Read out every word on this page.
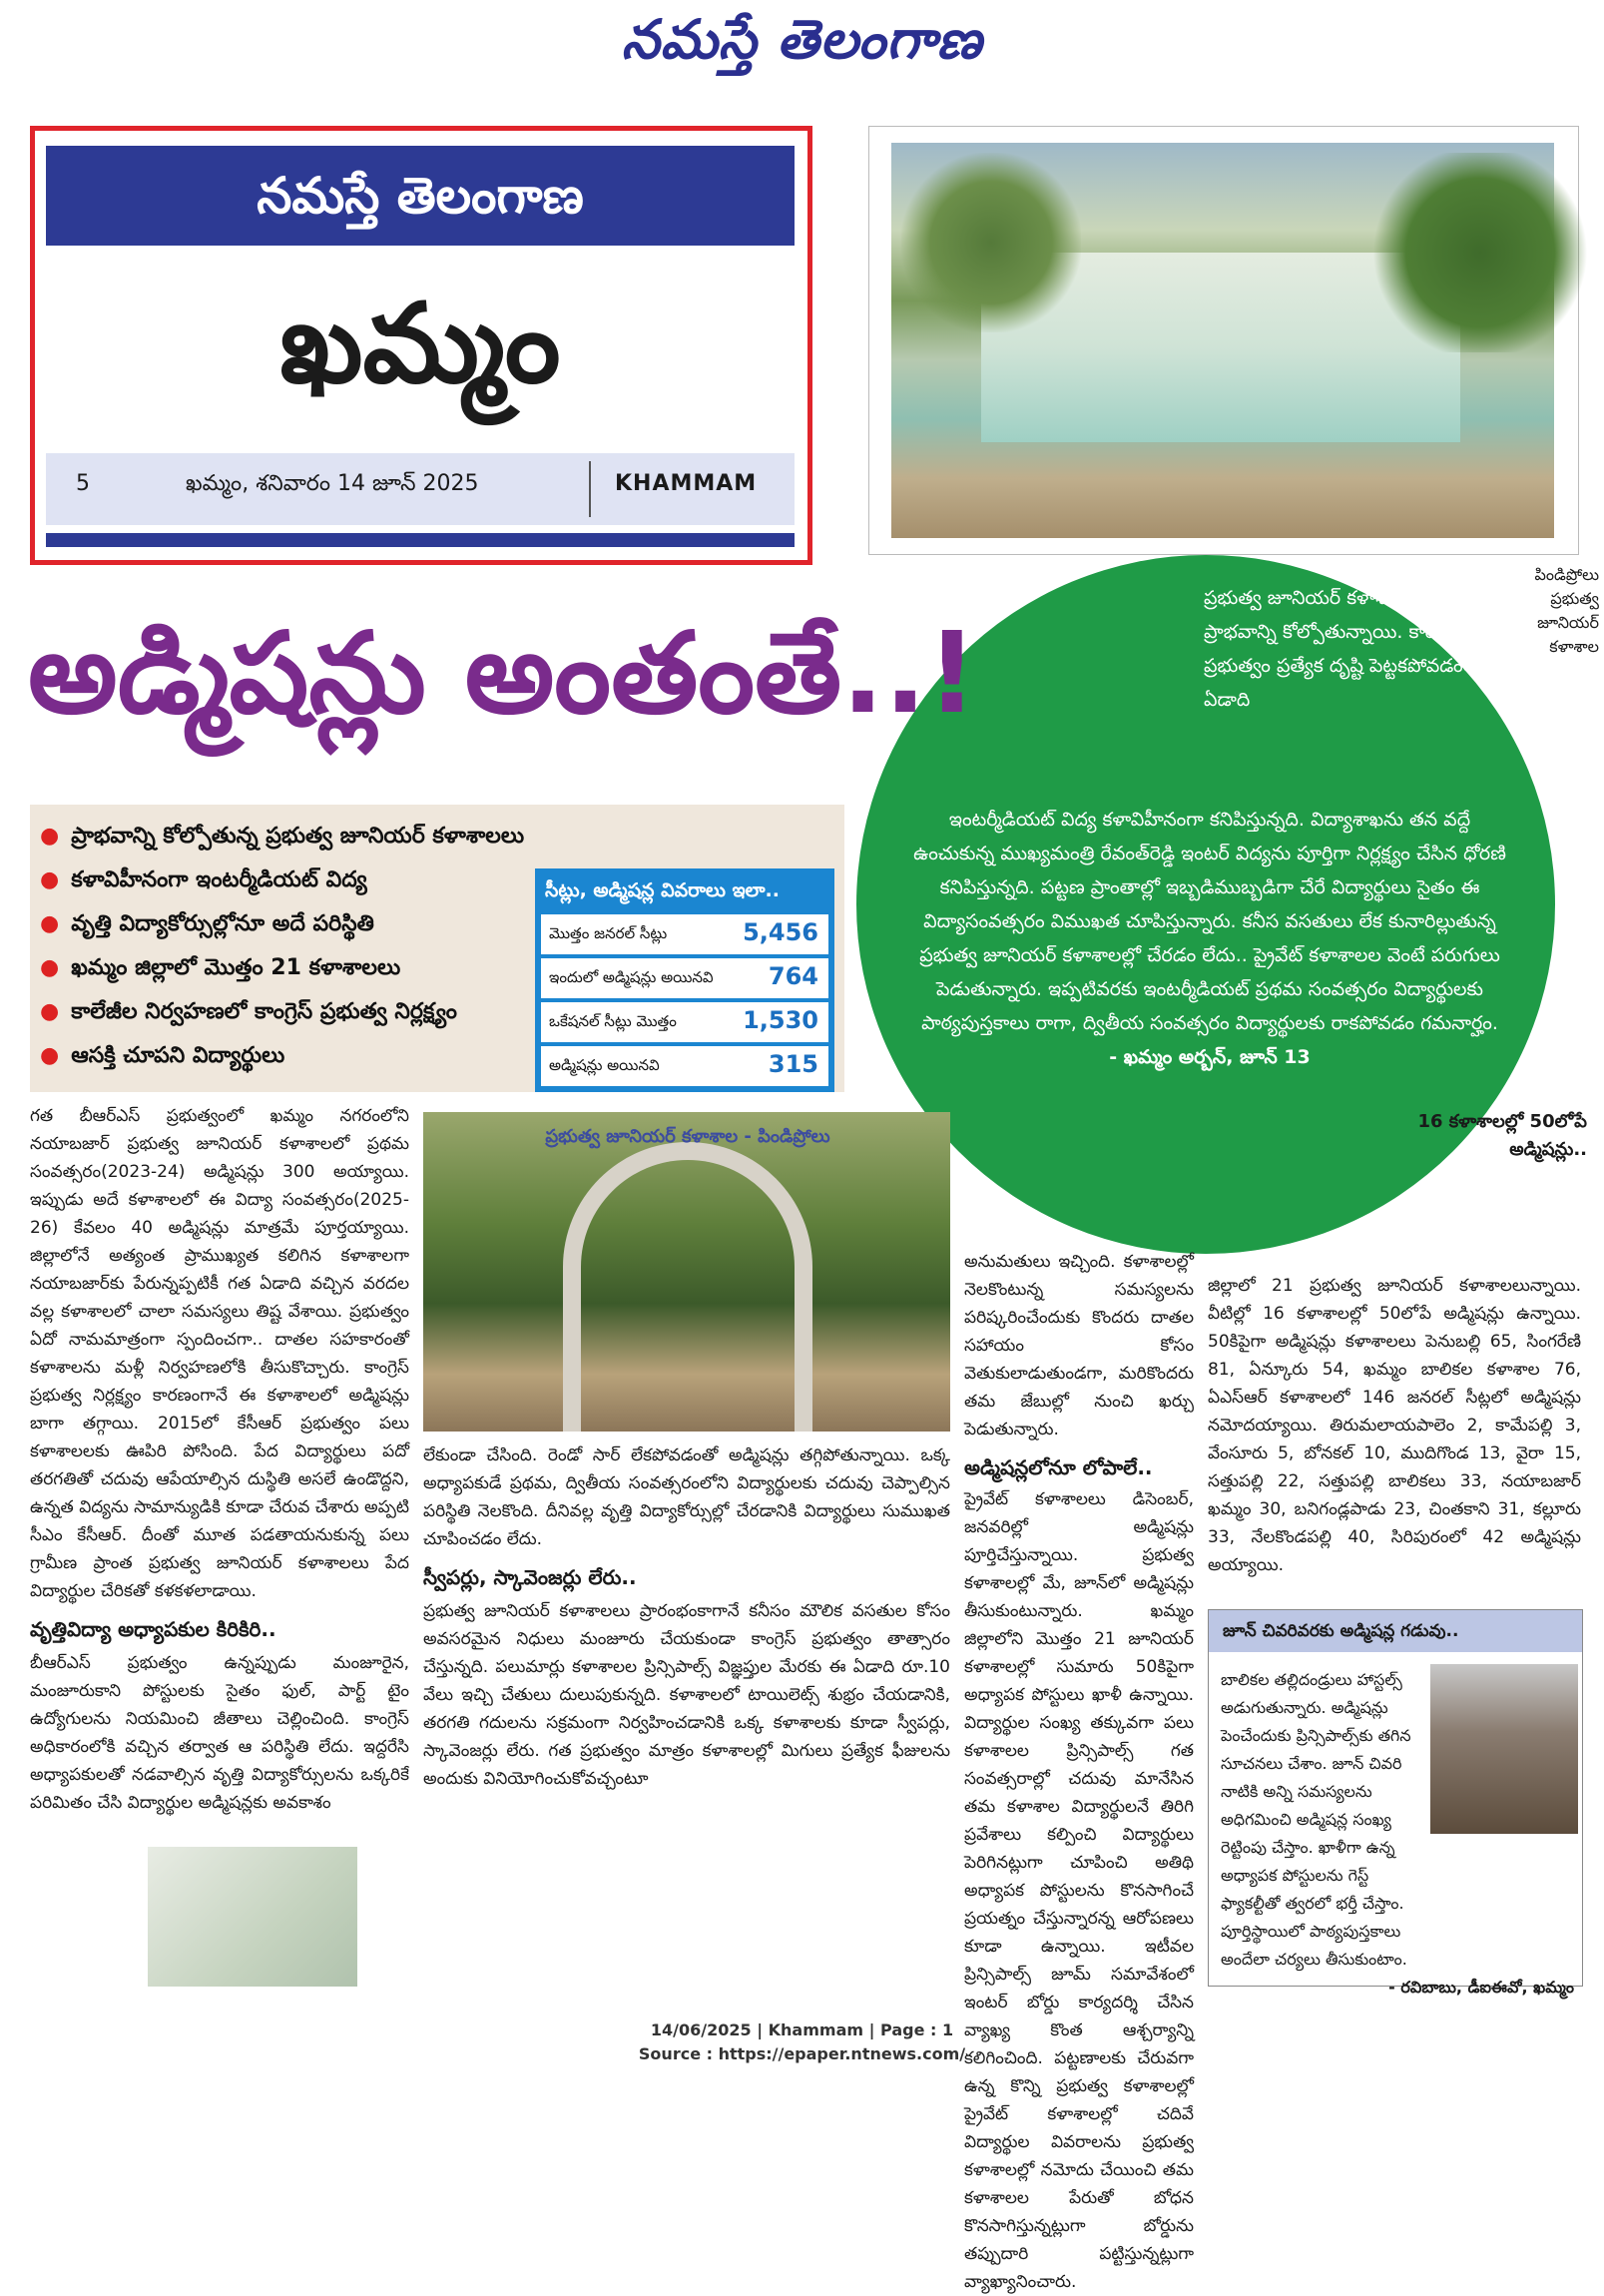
నమస్తే తెలంగాణ
నమస్తే తెలంగాణ
ఖమ్మం
5	ఖమ్మం, శనివారం 14 జూన్ 2025	KHAMMAM
పిండిప్రోలు ప్రభుత్వ జూనియర్ కళాశాల
అడ్మిషన్లు అంతంతే..!
ప్రభుత్వ జూనియర్ కళాశాలలు నానాటికీ ప్రాభవాన్ని కోల్పోతున్నాయి. కాంగ్రెస్ ప్రభుత్వం ప్రత్యేక దృష్టి పెట్టకపోవడంతో ఈ ఏడాది
ఇంటర్మీడియట్ విద్య కళావిహీనంగా కనిపిస్తున్నది. విద్యాశాఖను తన వద్దే ఉంచుకున్న ముఖ్యమంత్రి రేవంత్‌రెడ్డి ఇంటర్ విద్యను పూర్తిగా నిర్లక్ష్యం చేసిన ధోరణి కనిపిస్తున్నది. పట్టణ ప్రాంతాల్లో ఇబ్బడిముబ్బడిగా చేరే విద్యార్థులు సైతం ఈ విద్యాసంవత్సరం విముఖత చూపిస్తున్నారు. కనీస వసతులు లేక కునారిల్లుతున్న ప్రభుత్వ జూనియర్ కళాశాలల్లో చేరడం లేదు.. ప్రైవేట్ కళాశాలల వెంటే పరుగులు పెడుతున్నారు. ఇప్పటివరకు ఇంటర్మీడియట్ ప్రథమ సంవత్సరం విద్యార్థులకు పాఠ్యపుస్తకాలు రాగా, ద్వితీయ సంవత్సరం విద్యార్థులకు రాకపోవడం గమనార్హం.
- ఖమ్మం అర్బన్, జూన్ 13
● ప్రాభవాన్ని కోల్పోతున్న ప్రభుత్వ జూనియర్ కళాశాలలు
● కళావిహీనంగా ఇంటర్మీడియట్ విద్య
● వృత్తి విద్యాకోర్సుల్లోనూ అదే పరిస్థితి
● ఖమ్మం జిల్లాలో మొత్తం 21 కళాశాలలు
● కాలేజీల నిర్వహణలో కాంగ్రెస్ ప్రభుత్వ నిర్లక్ష్యం
● ఆసక్తి చూపని విద్యార్థులు
సీట్లు, అడ్మిషన్ల వివరాలు ఇలా..
మొత్తం జనరల్ సీట్లు	5,456
ఇందులో అడ్మిషన్లు అయినవి 764
ఒకేషనల్ సీట్లు మొత్తం	1,530
అడ్మిషన్లు అయినవి	315

గత బీఆర్‌ఎస్ ప్రభుత్వంలో ఖమ్మం నగరంలోని నయాబజార్ ప్రభుత్వ జూనియర్ కళాశాలలో ప్రథమ సంవత్సరం(2023-24) అడ్మిషన్లు 300 అయ్యాయి. ఇప్పుడు అదే కళాశాలలో ఈ విద్యా సంవత్సరం(2025-26) కేవలం 40 అడ్మిషన్లు మాత్రమే పూర్తయ్యాయి. జిల్లాలోనే అత్యంత ప్రాముఖ్యత కలిగిన కళాశాలగా నయాబజార్‌కు పేరున్నప్పటికీ గత ఏడాది వచ్చిన వరదల వల్ల కళాశాలలో చాలా సమస్యలు తిష్ట వేశాయి. ప్రభుత్వం ఏదో నామమాత్రంగా స్పందించగా.. దాతల సహకారంతో కళాశాలను మళ్లీ నిర్వహణలోకి తీసుకొచ్చారు. కాంగ్రెస్ ప్రభుత్వ నిర్లక్ష్యం కారణంగానే ఈ కళాశాలలో అడ్మిషన్లు బాగా తగ్గాయి. 2015లో కేసీఆర్ ప్రభుత్వం పలు కళాశాలలకు ఊపిరి పోసింది. పేద విద్యార్థులు పదో తరగతితో చదువు ఆపేయాల్సిన దుస్థితి అసలే ఉండొద్దని, ఉన్నత విద్యను సామాన్యుడికి కూడా చేరువ చేశారు అప్పటి సీఎం కేసీఆర్. దీంతో మూత పడతాయనుకున్న పలు గ్రామీణ ప్రాంత ప్రభుత్వ జూనియర్ కళాశాలలు పేద విద్యార్థుల చేరికతో కళకళలాడాయి.

వృత్తివిద్యా అధ్యాపకుల కిరికిరి..

బీఆర్‌ఎస్ ప్రభుత్వం ఉన్నప్పుడు మంజూరైన, మంజూరుకాని పోస్టులకు సైతం ఫుల్, పార్ట్ టైం ఉద్యోగులను నియమించి జీతాలు చెల్లించింది. కాంగ్రెస్ అధికారంలోకి వచ్చిన తర్వాత ఆ పరిస్థితి లేదు. ఇద్దరేసి అధ్యాపకులతో నడవాల్సిన వృత్తి విద్యాకోర్సులను ఒక్కరికే పరిమితం చేసి విద్యార్థుల అడ్మిషన్లకు అవకాశం

ప్రభుత్వ జూనియర్ కళాశాల - పిండిప్రోలు

లేకుండా చేసింది. రెండో సార్ లేకపోవడంతో అడ్మిషన్లు తగ్గిపోతున్నాయి. ఒక్క అధ్యాపకుడే ప్రథమ, ద్వితీయ సంవత్సరంలోని విద్యార్థులకు చదువు చెప్పాల్సిన పరిస్థితి నెలకొంది. దీనివల్ల వృత్తి విద్యాకోర్సుల్లో చేరడానికి విద్యార్థులు సుముఖత చూపించడం లేదు.

స్వీపర్లు, స్కావెంజర్లు లేరు..

ప్రభుత్వ జూనియర్ కళాశాలలు ప్రారంభంకాగానే కనీసం మౌలిక వసతుల కోసం అవసరమైన నిధులు మంజూరు చేయకుండా కాంగ్రెస్ ప్రభుత్వం తాత్సారం చేస్తున్నది. పలుమార్లు కళాశాలల ప్రిన్సిపాల్స్ విజ్ఞప్తుల మేరకు ఈ ఏడాది రూ.10 వేలు ఇచ్చి చేతులు దులుపుకున్నది. కళాశాలలో టాయిలెట్స్ శుభ్రం చేయడానికి, తరగతి గదులను సక్రమంగా నిర్వహించడానికి ఒక్క కళాశాలకు కూడా స్వీపర్లు, స్కావెంజర్లు లేరు. గత ప్రభుత్వం మాత్రం కళాశాలల్లో మిగులు ప్రత్యేక ఫీజులను అందుకు వినియోగించుకోవచ్చంటూ

అనుమతులు ఇచ్చింది. కళాశాలల్లో నెలకొంటున్న సమస్యలను పరిష్కరించేందుకు కొందరు దాతల సహాయం కోసం వెతుకులాడుతుండగా, మరికొందరు తమ జేబుల్లో నుంచి ఖర్చు పెడుతున్నారు.

అడ్మిషన్లలోనూ లోపాలే..

ప్రైవేట్ కళాశాలలు డిసెంబర్, జనవరిల్లో అడ్మిషన్లు పూర్తిచేస్తున్నాయి. ప్రభుత్వ కళాశాలల్లో మే, జూన్‌లో అడ్మిషన్లు తీసుకుంటున్నారు. ఖమ్మం జిల్లాలోని మొత్తం 21 జూనియర్ కళాశాలల్లో సుమారు 50కిపైగా అధ్యాపక పోస్టులు ఖాళీ ఉన్నాయి. విద్యార్థుల సంఖ్య తక్కువగా పలు కళాశాలల ప్రిన్సిపాల్స్ గత సంవత్సరాల్లో చదువు మానేసిన తమ కళాశాల విద్యార్థులనే తిరిగి ప్రవేశాలు కల్పించి విద్యార్థులు పెరిగినట్లుగా చూపించి అతిథి అధ్యాపక పోస్టులను కొనసాగించే ప్రయత్నం చేస్తున్నారన్న ఆరోపణలు కూడా ఉన్నాయి. ఇటీవల ప్రిన్సిపాల్స్ జూమ్ సమావేశంలో ఇంటర్ బోర్డు కార్యదర్శి చేసిన వ్యాఖ్య కొంత ఆశ్చర్యాన్ని కలిగించింది. పట్టణాలకు చేరువగా ఉన్న కొన్ని ప్రభుత్వ కళాశాలల్లో ప్రైవేట్ కళాశాలల్లో చదివే విద్యార్థుల వివరాలను ప్రభుత్వ కళాశాలల్లో నమోదు చేయించి తమ కళాశాలల పేరుతో బోధన కొనసాగిస్తున్నట్లుగా బోర్డును తప్పుదారి పట్టిస్తున్నట్లుగా వ్యాఖ్యానించారు.

16 కళాశాలల్లో 50లోపే అడ్మిషన్లు..

జిల్లాలో 21 ప్రభుత్వ జూనియర్ కళాశాలలున్నాయి. వీటిల్లో 16 కళాశాలల్లో 50లోపే అడ్మిషన్లు ఉన్నాయి. 50కిపైగా అడ్మిషన్లు కళాశాలలు పెనుబల్లి 65, సింగరేణి 81, ఏన్కూరు 54, ఖమ్మం బాలికల కళాశాల 76, ఏఎస్‌ఆర్ కళాశాలలో 146 జనరల్ సీట్లలో అడ్మిషన్లు నమోదయ్యాయి. తిరుమలాయపాలెం 2, కామేపల్లి 3, వేంసూరు 5, బోనకల్ 10, ముదిగొండ 13, వైరా 15, సత్తుపల్లి 22, సత్తుపల్లి బాలికలు 33, నయాబజార్ ఖమ్మం 30, బనిగండ్లపాడు 23, చింతకాని 31, కల్లూరు 33, నేలకొండపల్లి 40, సిరిపురంలో 42 అడ్మిషన్లు అయ్యాయి.

జూన్ చివరివరకు అడ్మిషన్ల గడువు..
బాలికల తల్లిదండ్రులు హాస్టల్స్ అడుగుతున్నారు. అడ్మిషన్లు పెంచేందుకు ప్రిన్సిపాల్స్‌కు తగిన సూచనలు చేశాం. జూన్ చివరి నాటికి అన్ని సమస్యలను అధిగమించి అడ్మిషన్ల సంఖ్య రెట్టింపు చేస్తాం. ఖాళీగా ఉన్న అధ్యాపక పోస్టులను గెస్ట్ ఫ్యాకల్టీతో త్వరలో భర్తీ చేస్తాం. పూర్తిస్థాయిలో పాఠ్యపుస్తకాలు అందేలా చర్యలు తీసుకుంటాం.
- రవిబాబు, డీఐఈవో, ఖమ్మం
14/06/2025 | Khammam | Page : 1
Source : https://epaper.ntnews.com/
